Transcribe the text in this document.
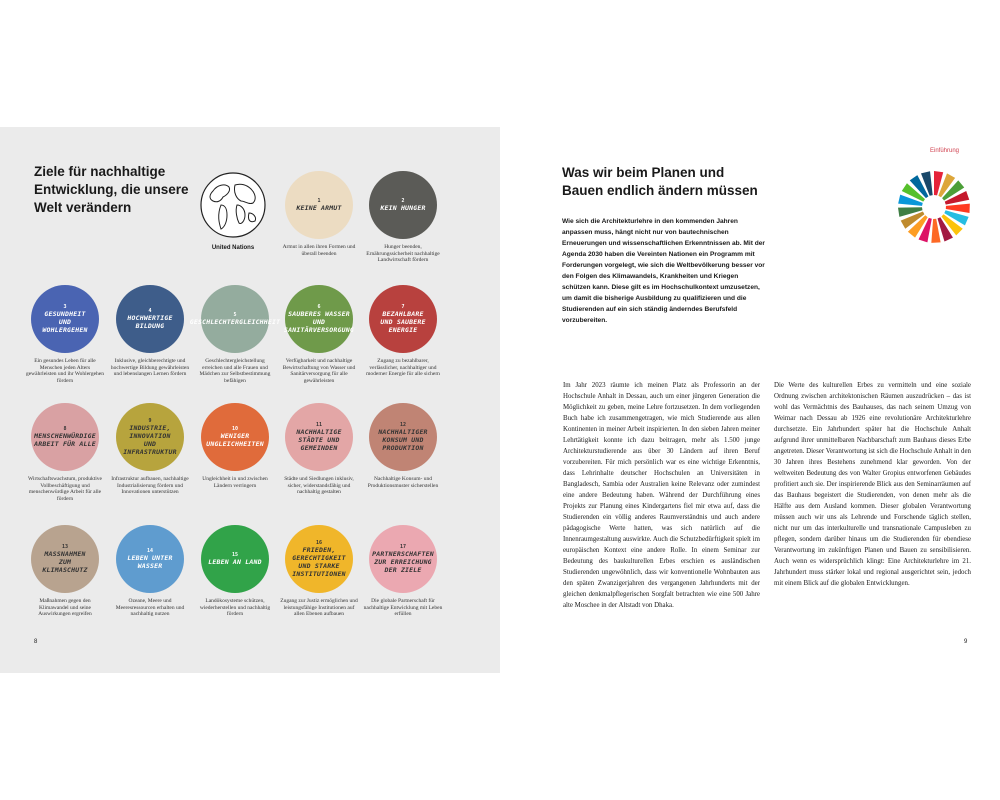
Ziele für nachhaltige Entwicklung, die unsere Welt verändern
United Nations
1
KEINE ARMUT
Armut in allen ihren Formen und überall beenden
2
KEIN HUNGER
Hunger beenden, Ernährungssicherheit nachhaltige Landwirtschaft fördern
3
GESUNDHEIT UND WOHLERGEHEN
Ein gesundes Leben für alle Menschen jeden Alters gewährleisten und ihr Wohlergehen fördern
4
HOCHWERTIGE BILDUNG
Inklusive, gleichberechtigte und hochwertige Bildung gewährleisten und lebenslangen Lernen fördern
5
GESCHLECHTERGLEICHHEIT
Geschlechtergleichstellung erreichen und alle Frauen und Mädchen zur Selbstbestimmung befähigen
6
SAUBERES WASSER UND SANITÄRVERSORGUNG
Verfügbarkeit und nachhaltige Bewirtschaftung von Wasser und Sanitärversorgung für alle gewährleisten
7
BEZAHLBARE UND SAUBERE ENERGIE
Zugang zu bezahlbarer, verlässlicher, nachhaltiger und moderner Energie für alle sichern
8
MENSCHENWÜRDIGE ARBEIT FÜR ALLE
Wirtschaftswachstum, produktive Vollbeschäftigung und menschenwürdige Arbeit für alle fördern
9
INDUSTRIE, INNOVATION UND INFRASTRUKTUR
Infrastruktur aufbauen, nachhaltige Industrialisierung fördern und Innovationen unterstützen
10
WENIGER UNGLEICHHEITEN
Ungleichheit in und zwischen Ländern verringern
11
NACHHALTIGE STÄDTE UND GEMEINDEN
Städte und Siedlungen inklusiv, sicher, widerstandsfähig und nachhaltig gestalten
12
NACHHALTIGER KONSUM UND PRODUKTION
Nachhaltige Konsum- und Produktionsmuster sicherstellen
13
MASSNAHMEN ZUM KLIMASCHUTZ
Maßnahmen gegen den Klimawandel und seine Auswirkungen ergreifen
14
LEBEN UNTER WASSER
Ozeane, Meere und Meeresressourcen erhalten und nachhaltig nutzen
15
LEBEN AN LAND
Landökosysteme schützen, wiederherstellen und nachhaltig fördern
16
FRIEDEN, GERECHTIGKEIT UND STARKE INSTITUTIONEN
Zugang zur Justiz ermöglichen und leistungsfähige Institutionen auf allen Ebenen aufbauen
17
PARTNERSCHAFTEN ZUR ERREICHUNG DER ZIELE
Die globale Partnerschaft für nachhaltige Entwicklung mit Leben erfüllen
8
Einführung
Was wir beim Planen und Bauen endlich ändern müssen

Wie sich die Architekturlehre in den kommenden Jahren anpassen muss, hängt nicht nur von bautechnischen Erneuerungen und wissenschaftlichen Erkenntnissen ab. Mit der Agenda 2030 haben die Vereinten Nationen ein Programm mit Forderungen vorgelegt, wie sich die Weltbevölkerung besser vor den Folgen des Klimawandels, Krankheiten und Kriegen schützen kann. Diese gilt es im Hochschulkontext umzusetzen, um damit die bisherige Ausbildung zu qualifizieren und die Studierenden auf ein sich ständig änderndes Berufsfeld vorzubereiten.

Im Jahr 2023 räumte ich meinen Platz als Professorin an der Hochschule Anhalt in Dessau, auch um einer jüngeren Generation die Möglichkeit zu geben, meine Lehre fortzusetzen. In dem vorliegenden Buch habe ich zusammengetragen, wie mich Studierende aus allen Kontinenten in meiner Arbeit inspirierten. In den sieben Jahren meiner Lehrtätigkeit konnte ich dazu beitragen, mehr als 1.500 junge Architekturstudierende aus über 30 Ländern auf ihren Beruf vorzubereiten. Für mich persönlich war es eine wichtige Erkenntnis, dass Lehrinhalte deutscher Hochschulen an Universitäten in Bangladesch, Sambia oder Australien keine Relevanz oder zumindest eine andere Bedeutung haben. Während der Durchführung eines Projekts zur Planung eines Kindergartens fiel mir etwa auf, dass die Studierenden ein völlig anderes Raumverständnis und auch andere pädagogische Werte hatten, was sich natürlich auf die Innenraumgestaltung auswirkte. Auch die Schutzbedürftigkeit spielt im europäischen Kontext eine andere Rolle. In einem Seminar zur Bedeutung des baukulturellen Erbes erschien es ausländischen Studierenden ungewöhnlich, dass wir konventionelle Wohnbauten aus den späten Zwanzigerjahren des vergangenen Jahrhunderts mit der gleichen denkmalpflegerischen Sorgfalt betrachten wie eine 500 Jahre alte Moschee in der Altstadt von Dhaka.

Die Werte des kulturellen Erbes zu vermitteln und eine soziale Ordnung zwischen architektonischen Räumen auszudrücken – das ist wohl das Vermächtnis des Bauhauses, das nach seinem Umzug von Weimar nach Dessau ab 1926 eine revolutionäre Architekturlehre durchsetzte. Ein Jahrhundert später hat die Hochschule Anhalt aufgrund ihrer unmittelbaren Nachbarschaft zum Bauhaus dieses Erbe angetreten. Dieser Verantwortung ist sich die Hochschule Anhalt in den 30 Jahren ihres Bestehens zunehmend klar geworden. Von der weltweiten Bedeutung des von Walter Gropius entworfenen Gebäudes profitiert auch sie. Der inspirierende Blick aus den Seminarräumen auf das Bauhaus begeistert die Studierenden, von denen mehr als die Hälfte aus dem Ausland kommen. Dieser globalen Verantwortung müssen auch wir uns als Lehrende und Forschende täglich stellen, nicht nur um das interkulturelle und transnationale Campusleben zu pflegen, sondern darüber hinaus um die Studierenden für ebendiese Verantwortung im zukünftigen Planen und Bauen zu sensibilisieren. Auch wenn es widersprüchlich klingt: Eine Architekturlehre im 21. Jahrhundert muss stärker lokal und regional ausgerichtet sein, jedoch mit einem Blick auf die globalen Entwicklungen.

9
